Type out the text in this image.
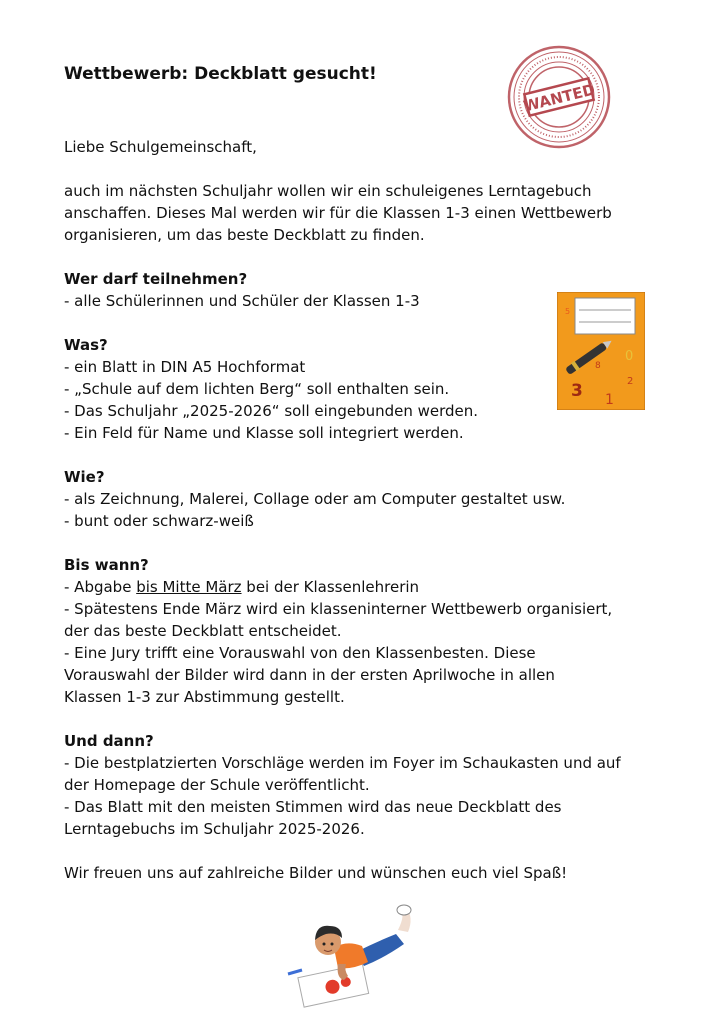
Wettbewerb: Deckblatt gesucht!
WANTED

Liebe Schulgemeinschaft,

auch im nächsten Schuljahr wollen wir ein schuleigenes Lerntagebuch

anschaffen. Dieses Mal werden wir für die Klassen 1-3 einen Wettbewerb

organisieren, um das beste Deckblatt zu finden.

Wer darf teilnehmen?

- alle Schülerinnen und Schüler der Klassen 1-3

5
0
8
2
3 1

Was?

- ein Blatt in DIN A5 Hochformat

- „Schule auf dem lichten Berg“ soll enthalten sein.

- Das Schuljahr „2025-2026“ soll eingebunden werden.

- Ein Feld für Name und Klasse soll integriert werden.

Wie?

- als Zeichnung, Malerei, Collage oder am Computer gestaltet usw.

- bunt oder schwarz-weiß

Bis wann?

- Abgabe bis Mitte März bei der Klassenlehrerin

- Spätestens Ende März wird ein klasseninterner Wettbewerb organisiert,

der das beste Deckblatt entscheidet.

- Eine Jury trifft eine Vorauswahl von den Klassenbesten. Diese

Vorauswahl der Bilder wird dann in der ersten Aprilwoche in allen

Klassen 1-3 zur Abstimmung gestellt.

Und dann?

- Die bestplatzierten Vorschläge werden im Foyer im Schaukasten und auf

der Homepage der Schule veröffentlicht.

- Das Blatt mit den meisten Stimmen wird das neue Deckblatt des

Lerntagebuchs im Schuljahr 2025-2026.

Wir freuen uns auf zahlreiche Bilder und wünschen euch viel Spaß!
